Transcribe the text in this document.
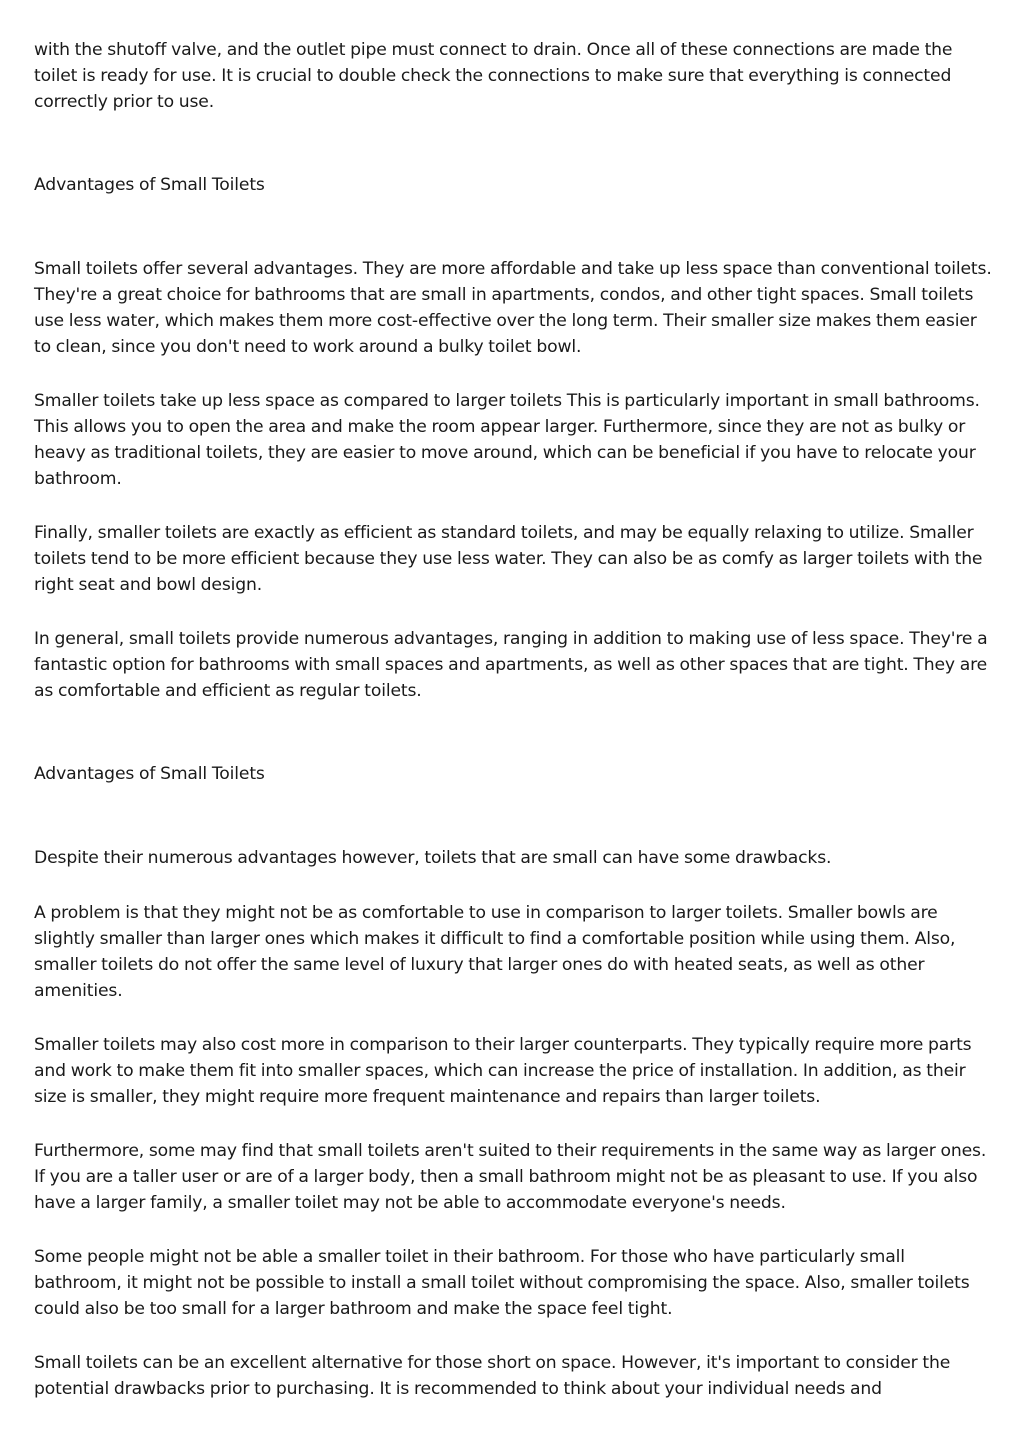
with the shutoff valve, and the outlet pipe must connect to drain. Once all of these connections are made the toilet is ready for use. It is crucial to double check the connections to make sure that everything is connected correctly prior to use.

Advantages of Small Toilets

Small toilets offer several advantages. They are more affordable and take up less space than conventional toilets. They're a great choice for bathrooms that are small in apartments, condos, and other tight spaces. Small toilets use less water, which makes them more cost-effective over the long term. Their smaller size makes them easier to clean, since you don't need to work around a bulky toilet bowl.

Smaller toilets take up less space as compared to larger toilets This is particularly important in small bathrooms. This allows you to open the area and make the room appear larger. Furthermore, since they are not as bulky or heavy as traditional toilets, they are easier to move around, which can be beneficial if you have to relocate your bathroom.

Finally, smaller toilets are exactly as efficient as standard toilets, and may be equally relaxing to utilize. Smaller toilets tend to be more efficient because they use less water. They can also be as comfy as larger toilets with the right seat and bowl design.

In general, small toilets provide numerous advantages, ranging in addition to making use of less space. They're a fantastic option for bathrooms with small spaces and apartments, as well as other spaces that are tight. They are as comfortable and efficient as regular toilets.

Advantages of Small Toilets

Despite their numerous advantages however, toilets that are small can have some drawbacks.

A problem is that they might not be as comfortable to use in comparison to larger toilets. Smaller bowls are slightly smaller than larger ones which makes it difficult to find a comfortable position while using them. Also, smaller toilets do not offer the same level of luxury that larger ones do with heated seats, as well as other amenities.

Smaller toilets may also cost more in comparison to their larger counterparts. They typically require more parts and work to make them fit into smaller spaces, which can increase the price of installation. In addition, as their size is smaller, they might require more frequent maintenance and repairs than larger toilets.

Furthermore, some may find that small toilets aren't suited to their requirements in the same way as larger ones. If you are a taller user or are of a larger body, then a small bathroom might not be as pleasant to use. If you also have a larger family, a smaller toilet may not be able to accommodate everyone's needs.

Some people might not be able a smaller toilet in their bathroom. For those who have particularly small bathroom, it might not be possible to install a small toilet without compromising the space. Also, smaller toilets could also be too small for a larger bathroom and make the space feel tight.

Small toilets can be an excellent alternative for those short on space. However, it's important to consider the potential drawbacks prior to purchasing. It is recommended to think about your individual needs and
